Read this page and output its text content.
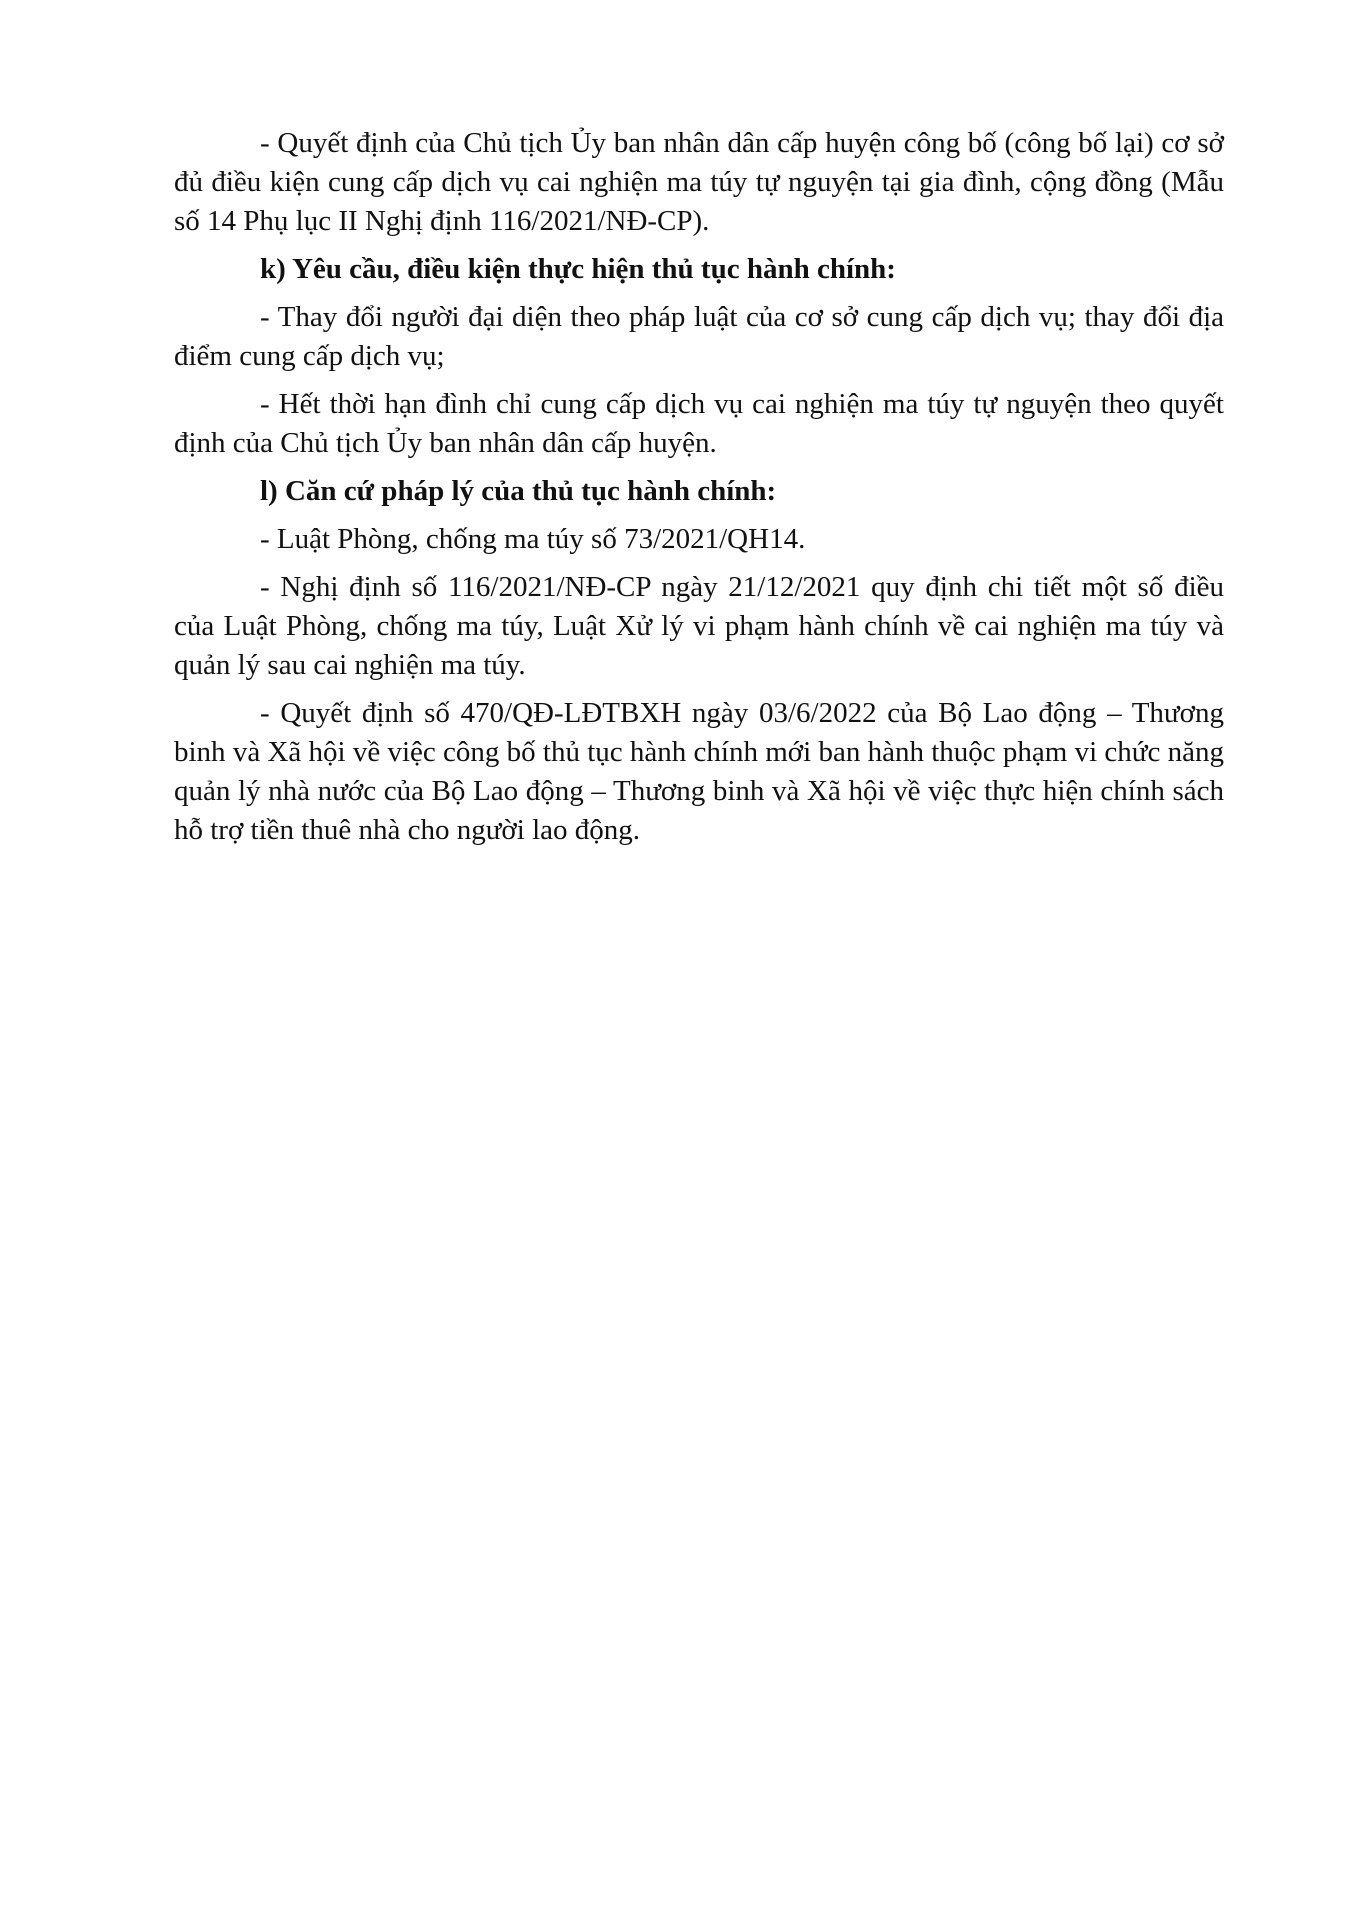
- Quyết định của Chủ tịch Ủy ban nhân dân cấp huyện công bố (công bố lại) cơ sở đủ điều kiện cung cấp dịch vụ cai nghiện ma túy tự nguyện tại gia đình, cộng đồng (Mẫu số 14 Phụ lục II Nghị định 116/2021/NĐ-CP).

k) Yêu cầu, điều kiện thực hiện thủ tục hành chính:

- Thay đổi người đại diện theo pháp luật của cơ sở cung cấp dịch vụ; thay đổi địa điểm cung cấp dịch vụ;

- Hết thời hạn đình chỉ cung cấp dịch vụ cai nghiện ma túy tự nguyện theo quyết định của Chủ tịch Ủy ban nhân dân cấp huyện.

l) Căn cứ pháp lý của thủ tục hành chính:

- Luật Phòng, chống ma túy số 73/2021/QH14.

- Nghị định số 116/2021/NĐ-CP ngày 21/12/2021 quy định chi tiết một số điều của Luật Phòng, chống ma túy, Luật Xử lý vi phạm hành chính về cai nghiện ma túy và quản lý sau cai nghiện ma túy.

- Quyết định số 470/QĐ-LĐTBXH ngày 03/6/2022 của Bộ Lao động – Thương binh và Xã hội về việc công bố thủ tục hành chính mới ban hành thuộc phạm vi chức năng quản lý nhà nước của Bộ Lao động – Thương binh và Xã hội về việc thực hiện chính sách hỗ trợ tiền thuê nhà cho người lao động.
